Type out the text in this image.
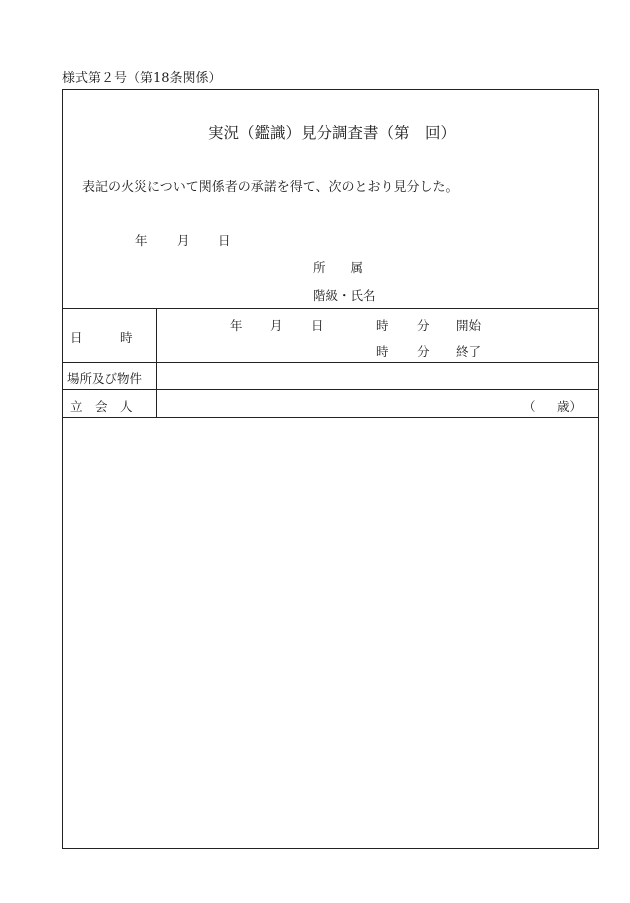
様式第２号（第18条関係）
実況（鑑識）見分調査書（第　回）
表記の火災について関係者の承諾を得て、次のとおり見分した。
年 月 日
所　　属
階級・氏名
日　　　時
年 月 日	時 分 開始
時 分 終了
場所及び物件
立　会　人	（ 歳）
